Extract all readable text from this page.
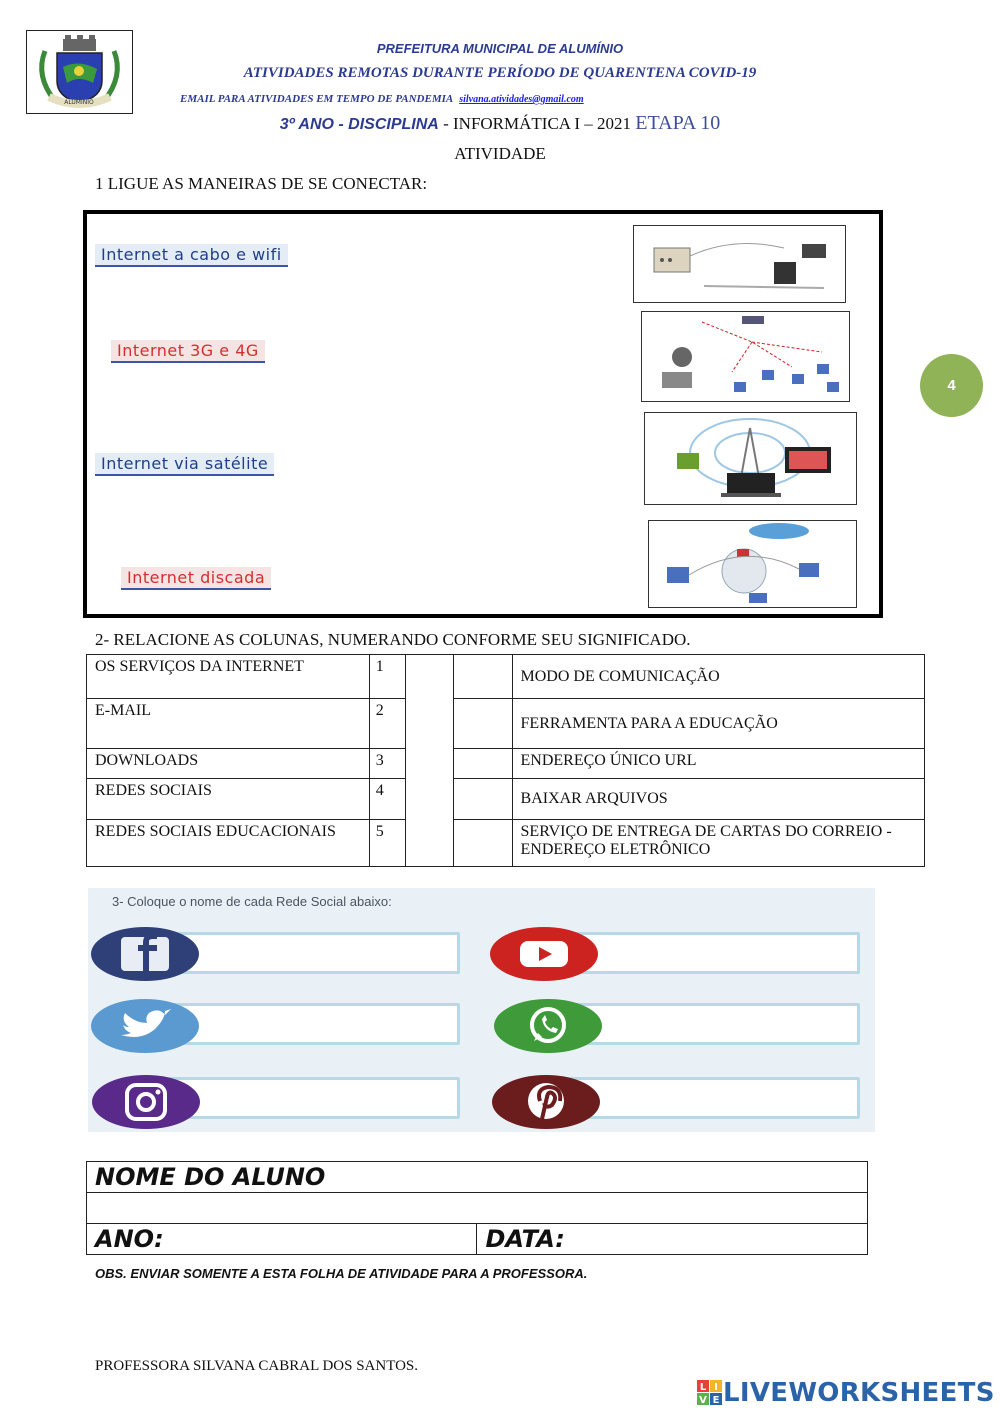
ALUMÍNIO
PREFEITURA MUNICIPAL DE ALUMÍNIO
ATIVIDADES REMOTAS DURANTE PERÍODO DE QUARENTENA COVID-19
EMAIL PARA ATIVIDADES EM TEMPO DE PANDEMIA silvana.atividades@gmail.com
3º ANO - DISCIPLINA - INFORMÁTICA I – 2021 ETAPA 10
ATIVIDADE
4
1 LIGUE AS MANEIRAS DE SE CONECTAR:
Internet a cabo e wifi
Internet 3G e 4G
Internet via satélite
Internet discada
2- RELACIONE AS COLUNAS, NUMERANDO CONFORME SEU SIGNIFICADO.
OS SERVIÇOS DA INTERNET	1			MODO DE COMUNICAÇÃO
E-MAIL	2			FERRAMENTA PARA A EDUCAÇÃO
DOWNLOADS	3			ENDEREÇO ÚNICO URL
REDES SOCIAIS	4			BAIXAR ARQUIVOS
REDES SOCIAIS EDUCACIONAIS	5			SERVIÇO DE ENTREGA DE CARTAS DO CORREIO - ENDEREÇO ELETRÔNICO
3- Coloque o nome de cada Rede Social abaixo:
NOME DO ALUNO

ANO:	DATA:
OBS. ENVIAR SOMENTE A ESTA FOLHA DE ATIVIDADE PARA A PROFESSORA.
PROFESSORA SILVANA CABRAL DOS SANTOS.
L I
V E LIVEWORKSHEETS
